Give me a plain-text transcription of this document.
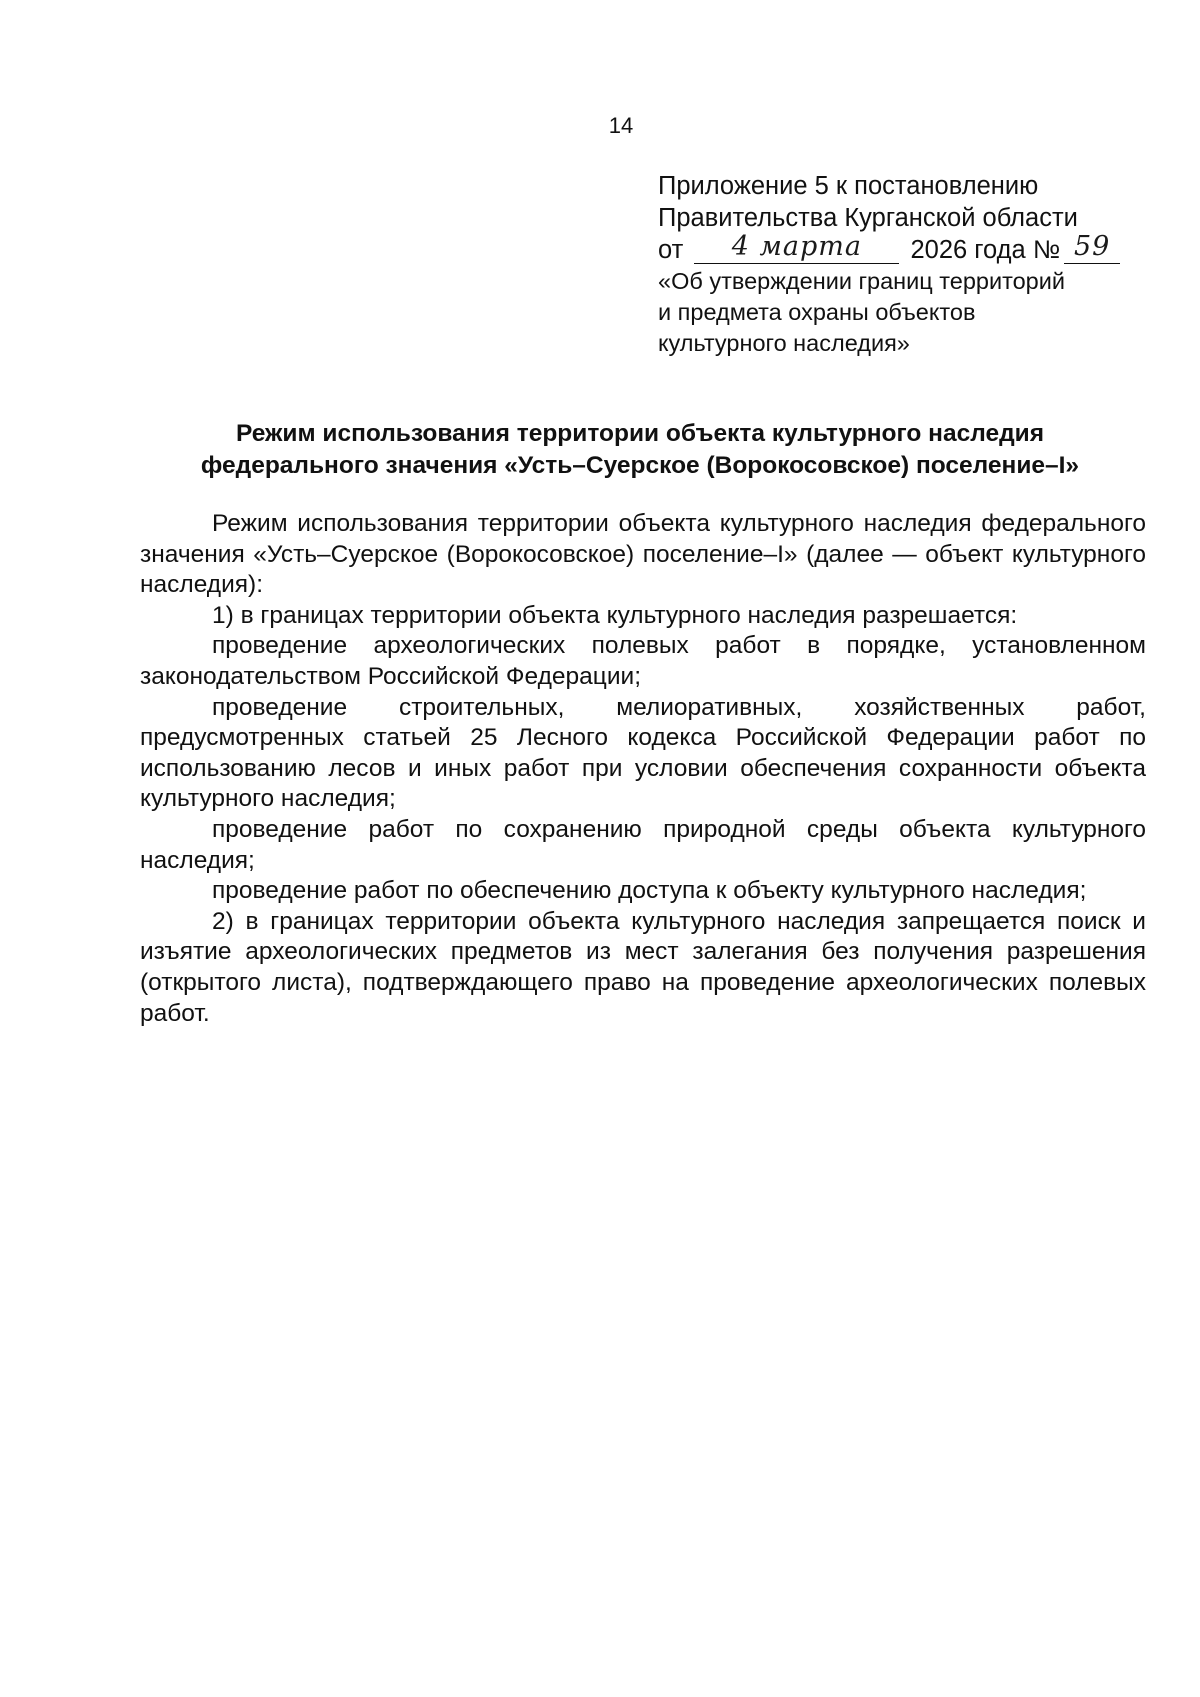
14
Приложение 5 к постановлению
Правительства Курганской области
от 4 марта 2026 года № 59
«Об утверждении границ территорий
и предмета охраны объектов
культурного наследия»
Режим использования территории объекта культурного наследия
федерального значения «Усть–Суерское (Ворокосовское) поселение–I»

Режим использования территории объекта культурного наследия федерального значения «Усть–Суерское (Ворокосовское) поселение–I» (далее — объект культурного наследия):

1) в границах территории объекта культурного наследия разрешается:

проведение археологических полевых работ в порядке, установленном законодательством Российской Федерации;

проведение строительных, мелиоративных, хозяйственных работ, предусмотренных статьей 25 Лесного кодекса Российской Федерации работ по использованию лесов и иных работ при условии обеспечения сохранности объекта культурного наследия;

проведение работ по сохранению природной среды объекта культурного наследия;

проведение работ по обеспечению доступа к объекту культурного наследия;

2) в границах территории объекта культурного наследия запрещается поиск и изъятие археологических предметов из мест залегания без получения разрешения (открытого листа), подтверждающего право на проведение археологических полевых работ.
